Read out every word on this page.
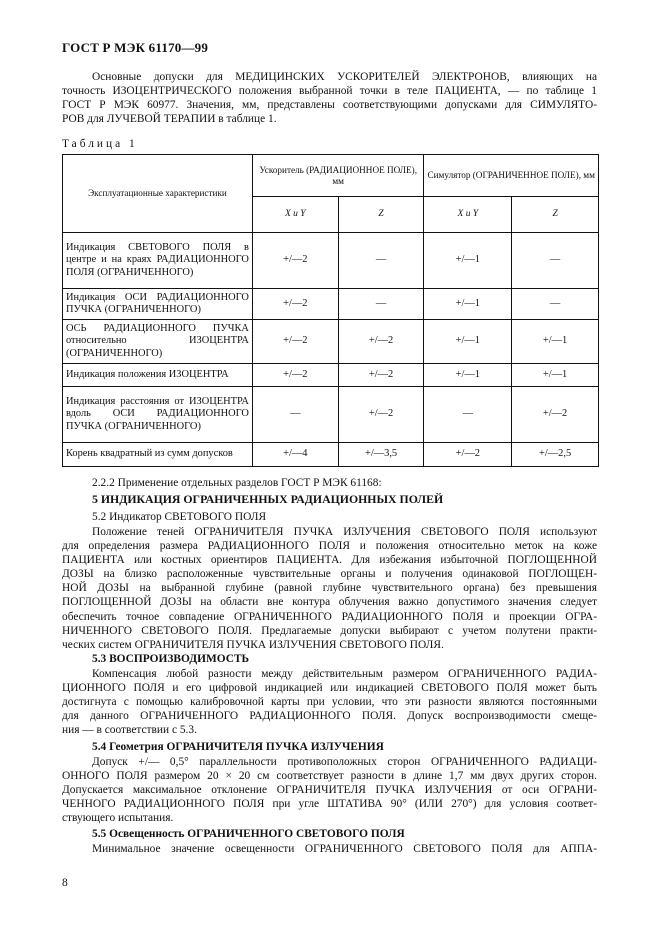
ГОСТ Р МЭК 61170—99
Основные допуски для МЕДИЦИНСКИХ УСКОРИТЕЛЕЙ ЭЛЕКТРОНОВ, влияющих на
точность ИЗОЦЕНТРИЧЕСКОГО положения выбранной точки в теле ПАЦИЕНТА, — по таблице 1
ГОСТ Р МЭК 60977. Значения, мм, представлены соответствующими допусками для СИМУЛЯТО-
РОВ для ЛУЧЕВОЙ ТЕРАПИИ в таблице 1.
Таблица 1
Эксплуатационные характеристики	Ускоритель (РАДИАЦИОННОЕ ПОЛЕ), мм		Симулятор (ОГРАНИЧЕННОЕ ПОЛЕ), мм	
	X и Y	Z	X и Y	Z
Индикация СВЕТОВОГО ПОЛЯ в центре и на краях РАДИАЦИОННОГО ПОЛЯ (ОГРАНИЧЕННОГО)	+/—2	—	+/—1	—
Индикация ОСИ РАДИАЦИОННОГО ПУЧКА (ОГРАНИЧЕННОГО)	+/—2	—	+/—1	—
ОСЬ РАДИАЦИОННОГО ПУЧКА относительно ИЗОЦЕНТРА (ОГРАНИЧЕННОГО)	+/—2	+/—2	+/—1	+/—1
Индикация положения ИЗОЦЕНТРА	+/—2	+/—2	+/—1	+/—1
Индикация расстояния от ИЗОЦЕНТРА вдоль ОСИ РАДИАЦИОННОГО ПУЧКА (ОГРАНИЧЕННОГО)	—	+/—2	—	+/—2
Корень квадратный из сумм допусков	+/—4	+/—3,5	+/—2	+/—2,5
2.2.2 Применение отдельных разделов ГОСТ Р МЭК 61168:
5 ИНДИКАЦИЯ ОГРАНИЧЕННЫХ РАДИАЦИОННЫХ ПОЛЕЙ
5.2 Индикатор СВЕТОВОГО ПОЛЯ
Положение теней ОГРАНИЧИТЕЛЯ ПУЧКА ИЗЛУЧЕНИЯ СВЕТОВОГО ПОЛЯ используют
для определения размера РАДИАЦИОННОГО ПОЛЯ и положения относительно меток на коже
ПАЦИЕНТА или костных ориентиров ПАЦИЕНТА. Для избежания избыточной ПОГЛОЩЕННОЙ
ДОЗЫ на близко расположенные чувствительные органы и получения одинаковой ПОГЛОЩЕН-
НОЙ ДОЗЫ на выбранной глубине (равной глубине чувствительного органа) без превышения
ПОГЛОЩЕННОЙ ДОЗЫ на области вне контура облучения важно допустимого значения следует
обеспечить точное совпадение ОГРАНИЧЕННОГО РАДИАЦИОННОГО ПОЛЯ и проекции ОГРА-
НИЧЕННОГО СВЕТОВОГО ПОЛЯ. Предлагаемые допуски выбирают с учетом полутени практи-
ческих систем ОГРАНИЧИТЕЛЯ ПУЧКА ИЗЛУЧЕНИЯ СВЕТОВОГО ПОЛЯ.
5.3 ВОСПРОИЗВОДИМОСТЬ
Компенсация любой разности между действительным размером ОГРАНИЧЕННОГО РАДИА-
ЦИОННОГО ПОЛЯ и его цифровой индикацией или индикацией СВЕТОВОГО ПОЛЯ может быть
достигнута с помощью калибровочной карты при условии, что эти разности являются постоянными
для данного ОГРАНИЧЕННОГО РАДИАЦИОННОГО ПОЛЯ. Допуск воспроизводимости смеще-
ния — в соответствии с 5.3.
5.4 Геометрия ОГРАНИЧИТЕЛЯ ПУЧКА ИЗЛУЧЕНИЯ
Допуск +/— 0,5° параллельности противоположных сторон ОГРАНИЧЕННОГО РАДИАЦИ-
ОННОГО ПОЛЯ размером 20 × 20 см соответствует разности в длине 1,7 мм двух других сторон.
Допускается максимальное отклонение ОГРАНИЧИТЕЛЯ ПУЧКА ИЗЛУЧЕНИЯ от оси ОГРАНИ-
ЧЕННОГО РАДИАЦИОННОГО ПОЛЯ при угле ШТАТИВА 90° (ИЛИ 270°) для условия соответ-
ствующего испытания.
5.5 Освещенность ОГРАНИЧЕННОГО СВЕТОВОГО ПОЛЯ
Минимальное значение освещенности ОГРАНИЧЕННОГО СВЕТОВОГО ПОЛЯ для АППА-
8
